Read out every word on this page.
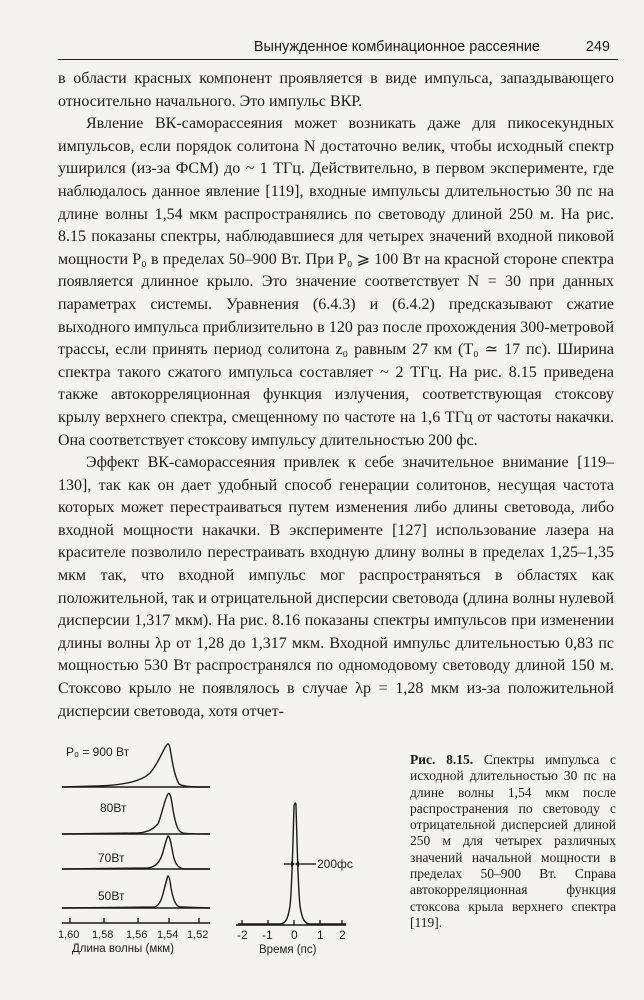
Вынужденное комбинационное рассеяние	249

в области красных компонент проявляется в виде импульса, запаздывающего относительно начального. Это импульс ВКР.

Явление ВК-саморассеяния может возникать даже для пикосекундных импульсов, если порядок солитона N достаточно велик, чтобы исходный спектр уширился (из-за ФСМ) до ~ 1 ТГц. Действительно, в первом эксперименте, где наблюдалось данное явление [119], входные импульсы длительностью 30 пс на длине волны 1,54 мкм распространялись по световоду длиной 250 м. На рис. 8.15 показаны спектры, наблюдавшиеся для четырех значений входной пиковой мощности P₀ в пределах 50–900 Вт. При P₀ ⩾ 100 Вт на красной стороне спектра появляется длинное крыло. Это значение соответствует N = 30 при данных параметрах системы. Уравнения (6.4.3) и (6.4.2) предсказывают сжатие выходного импульса приблизительно в 120 раз после прохождения 300-метровой трассы, если принять период солитона z₀ равным 27 км (T₀ ≃ 17 пс). Ширина спектра такого сжатого импульса составляет ~ 2 ТГц. На рис. 8.15 приведена также автокорреляционная функция излучения, соответствующая стоксову крылу верхнего спектра, смещенному по частоте на 1,6 ТГц от частоты накачки. Она соответствует стоксову импульсу длительностью 200 фс.

Эффект ВК-саморассеяния привлек к себе значительное внимание [119–130], так как он дает удобный способ генерации солитонов, несущая частота которых может перестраиваться путем изменения либо длины световода, либо входной мощности накачки. В эксперименте [127] использование лазера на красителе позволило перестраивать входную длину волны в пределах 1,25–1,35 мкм так, что входной импульс мог распространяться в областях как положительной, так и отрицательной дисперсии световода (длина волны нулевой дисперсии 1,317 мкм). На рис. 8.16 показаны спектры импульсов при изменении длины волны λp от 1,28 до 1,317 мкм. Входной импульс длительностью 0,83 пс мощностью 530 Вт распространялся по одномодовому световоду длиной 150 м. Стоксово крыло не появлялось в случае λp = 1,28 мкм из-за положительной дисперсии световода, хотя отчет-

P₀ = 900 Вт
80Вт
70Вт
50Вт
1,60 1,58 1,56 1,54 1,52
Длина волны (мкм)
-2 -1 0 1 2
Время (пс)
200фс
Рис. 8.15. Спектры импульса с исходной длительностью 30 пс на длине волны 1,54 мкм после распространения по световоду с отрицательной дисперсией длиной 250 м для четырех различных значений начальной мощности в пределах 50–900 Вт. Справа автокорреляционная функция стоксова крыла верхнего спектра [119].
